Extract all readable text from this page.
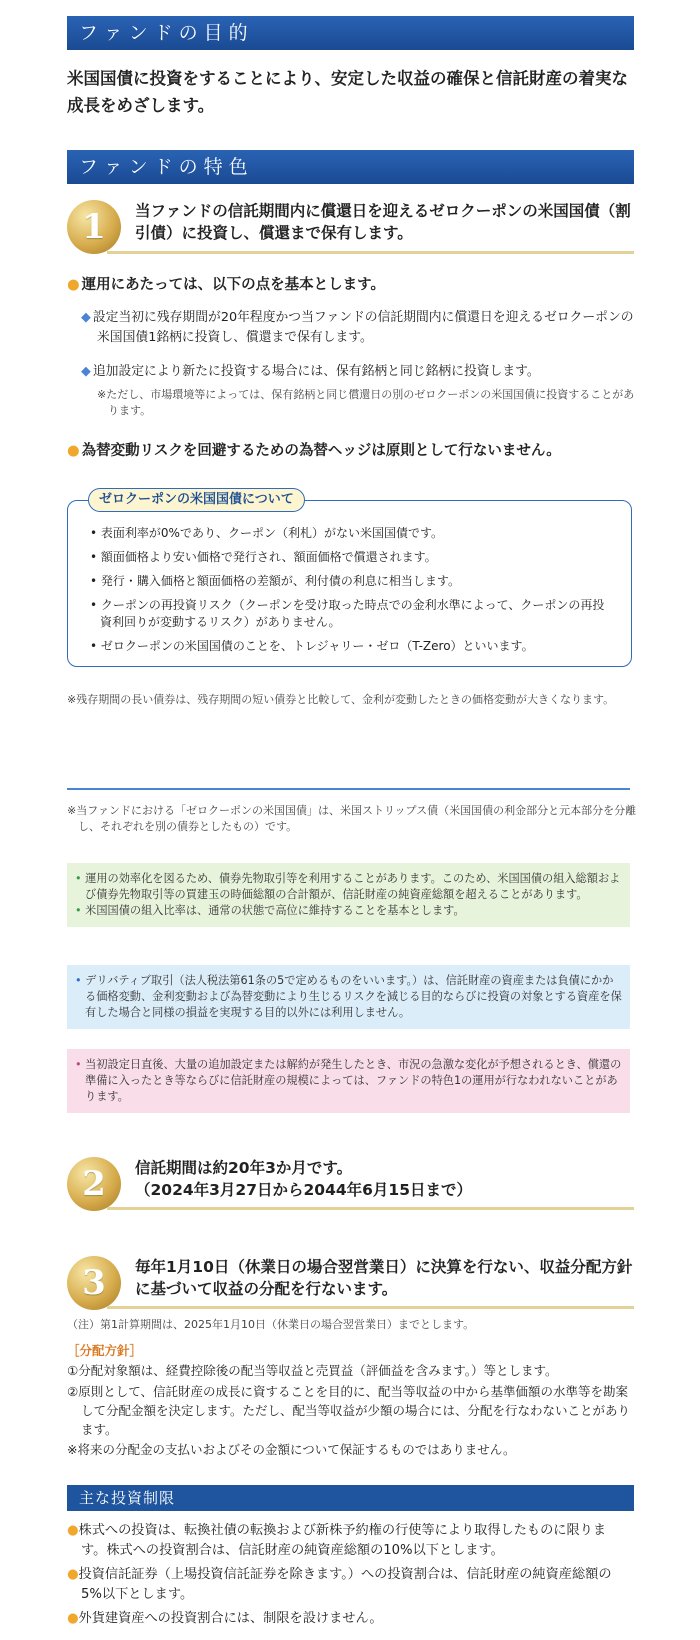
ファンドの目的
米国国債に投資をすることにより、安定した収益の確保と信託財産の着実な成長をめざします。
ファンドの特色
1	当ファンドの信託期間内に償還日を迎えるゼロクーポンの米国国債（割引債）に投資し、償還まで保有します。
● 運用にあたっては、以下の点を基本とします。
◆ 設定当初に残存期間が20年程度かつ当ファンドの信託期間内に償還日を迎えるゼロクーポンの米国国債1銘柄に投資し、償還まで保有します。
◆ 追加設定により新たに投資する場合には、保有銘柄と同じ銘柄に投資します。
※ただし、市場環境等によっては、保有銘柄と同じ償還日の別のゼロクーポンの米国国債に投資することがあります。
● 為替変動リスクを回避するための為替ヘッジは原則として行ないません。
ゼロクーポンの米国国債について
• 表面利率が0%であり、クーポン（利札）がない米国国債です。
• 額面価格より安い価格で発行され、額面価格で償還されます。
• 発行・購入価格と額面価格の差額が、利付債の利息に相当します。
• クーポンの再投資リスク（クーポンを受け取った時点での金利水準によって、クーポンの再投資利回りが変動するリスク）がありません。
• ゼロクーポンの米国国債のことを、トレジャリー・ゼロ（T-Zero）といいます。
※残存期間の長い債券は、残存期間の短い債券と比較して、金利が変動したときの価格変動が大きくなります。
※当ファンドにおける「ゼロクーポンの米国国債」は、米国ストリップス債（米国国債の利金部分と元本部分を分離し、それぞれを別の債券としたもの）です。
• 運用の効率化を図るため、債券先物取引等を利用することがあります。このため、米国国債の組入総額および債券先物取引等の買建玉の時価総額の合計額が、信託財産の純資産総額を超えることがあります。
• 米国国債の組入比率は、通常の状態で高位に維持することを基本とします。
• デリバティブ取引（法人税法第61条の5で定めるものをいいます。）は、信託財産の資産または負債にかかる価格変動、金利変動および為替変動により生じるリスクを減じる目的ならびに投資の対象とする資産を保有した場合と同様の損益を実現する目的以外には利用しません。
• 当初設定日直後、大量の追加設定または解約が発生したとき、市況の急激な変化が予想されるとき、償還の準備に入ったとき等ならびに信託財産の規模によっては、ファンドの特色1の運用が行なわれないことがあります。
2	信託期間は約20年3か月です。
（2024年3月27日から2044年6月15日まで）
3	毎年1月10日（休業日の場合翌営業日）に決算を行ない、収益分配方針に基づいて収益の分配を行ないます。
（注）第1計算期間は、2025年1月10日（休業日の場合翌営業日）までとします。
［分配方針］
①分配対象額は、経費控除後の配当等収益と売買益（評価益を含みます。）等とします。
②原則として、信託財産の成長に資することを目的に、配当等収益の中から基準価額の水準等を勘案して分配金額を決定します。ただし、配当等収益が少額の場合には、分配を行なわないことがあります。
※将来の分配金の支払いおよびその金額について保証するものではありません。
主な投資制限
●株式への投資は、転換社債の転換および新株予約権の行使等により取得したものに限ります。株式への投資割合は、信託財産の純資産総額の10%以下とします。
●投資信託証券（上場投資信託証券を除きます。）への投資割合は、信託財産の純資産総額の5%以下とします。
●外貨建資産への投資割合には、制限を設けません。
